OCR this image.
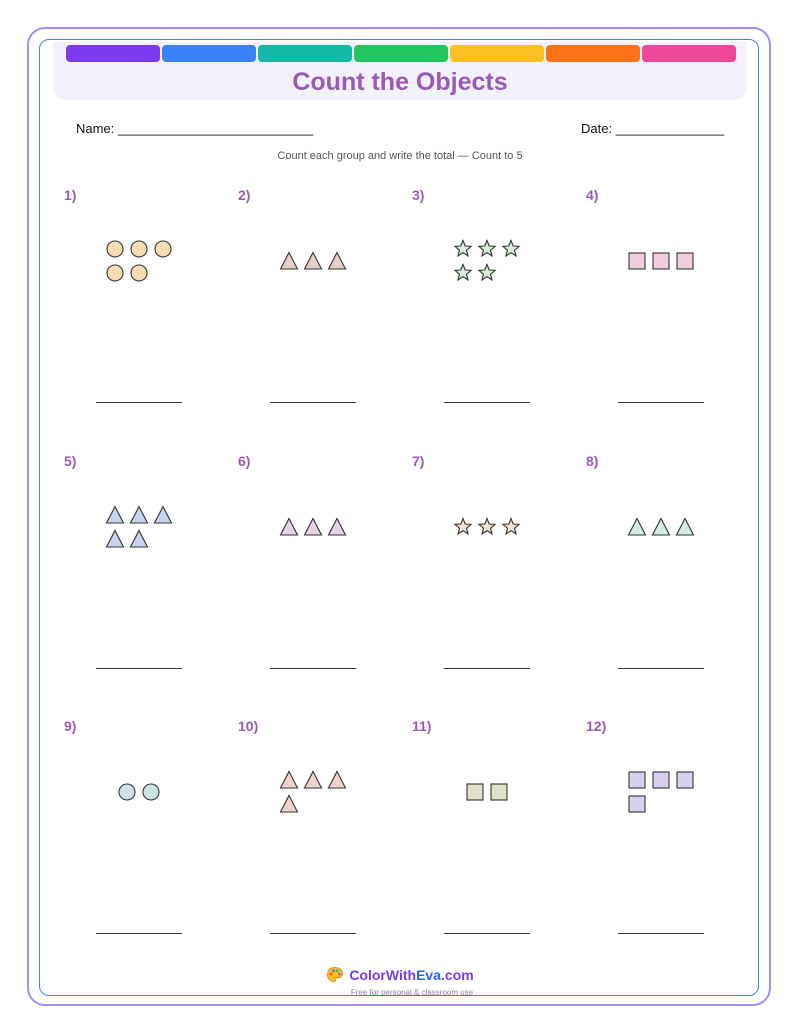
Count the Objects
Name: ___________________________	Date: _______________
Count each group and write the total — Count to 5
1)	2)	3)	4)
5)	6)	7)	8)
9)	10)	11)	12)
ColorWithEva.com
Free for personal & classroom use
